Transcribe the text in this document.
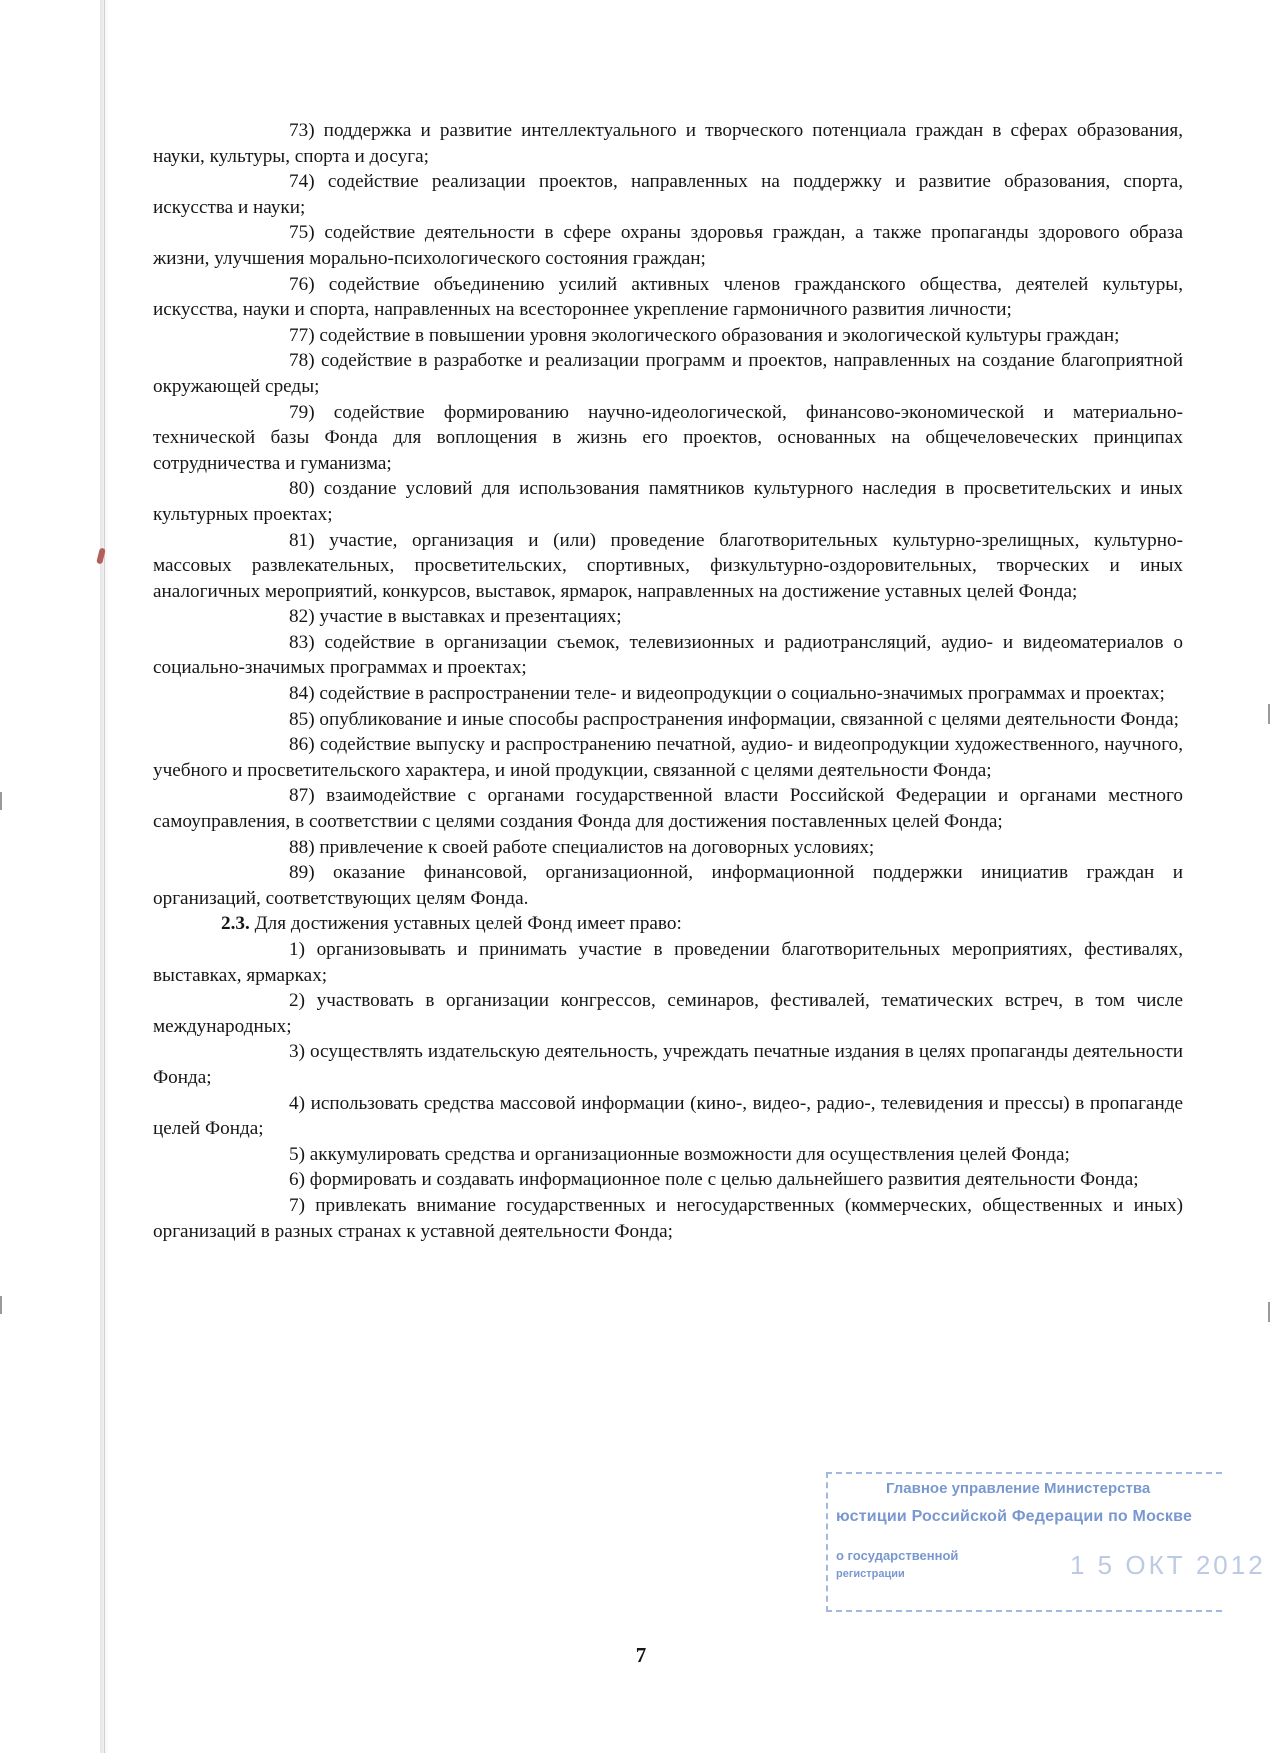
73) поддержка и развитие интеллектуального и творческого потенциала граждан в сферах образования, науки, культуры, спорта и досуга;

74) содействие реализации проектов, направленных на поддержку и развитие образования, спорта, искусства и науки;

75) содействие деятельности в сфере охраны здоровья граждан, а также пропаганды здорового образа жизни, улучшения морально-психологического состояния граждан;

76) содействие объединению усилий активных членов гражданского общества, деятелей культуры, искусства, науки и спорта, направленных на всестороннее укрепление гармоничного развития личности;

77) содействие в повышении уровня экологического образования и экологической культуры граждан;

78) содействие в разработке и реализации программ и проектов, направленных на создание благоприятной окружающей среды;

79) содействие формированию научно-идеологической, финансово-экономической и материально-технической базы Фонда для воплощения в жизнь его проектов, основанных на общечеловеческих принципах сотрудничества и гуманизма;

80) создание условий для использования памятников культурного наследия в просветительских и иных культурных проектах;

81) участие, организация и (или) проведение благотворительных культурно-зрелищных, культурно-массовых развлекательных, просветительских, спортивных, физкультурно-оздоровительных, творческих и иных аналогичных мероприятий, конкурсов, выставок, ярмарок, направленных на достижение уставных целей Фонда;

82) участие в выставках и презентациях;

83) содействие в организации съемок, телевизионных и радиотрансляций, аудио- и видеоматериалов о социально-значимых программах и проектах;

84) содействие в распространении теле- и видеопродукции о социально-значимых программах и проектах;

85) опубликование и иные способы распространения информации, связанной с целями деятельности Фонда;

86) содействие выпуску и распространению печатной, аудио- и видеопродукции художественного, научного, учебного и просветительского характера, и иной продукции, связанной с целями деятельности Фонда;

87) взаимодействие с органами государственной власти Российской Федерации и органами местного самоуправления, в соответствии с целями создания Фонда для достижения поставленных целей Фонда;

88) привлечение к своей работе специалистов на договорных условиях;

89) оказание финансовой, организационной, информационной поддержки инициатив граждан и организаций, соответствующих целям Фонда.

2.3. Для достижения уставных целей Фонд имеет право:

1) организовывать и принимать участие в проведении благотворительных мероприятиях, фестивалях, выставках, ярмарках;

2) участвовать в организации конгрессов, семинаров, фестивалей, тематических встреч, в том числе международных;

3) осуществлять издательскую деятельность, учреждать печатные издания в целях пропаганды деятельности Фонда;

4) использовать средства массовой информации (кино-, видео-, радио-, телевидения и прессы) в пропаганде целей Фонда;

5) аккумулировать средства и организационные возможности для осуществления целей Фонда;

6) формировать и создавать информационное поле с целью дальнейшего развития деятельности Фонда;

7) привлекать внимание государственных и негосударственных (коммерческих, общественных и иных) организаций в разных странах к уставной деятельности Фонда;

Главное управление Министерства
юстиции Российской Федерации по Москве
о государственной
регистрации	1 5 ОКТ 2012
7
